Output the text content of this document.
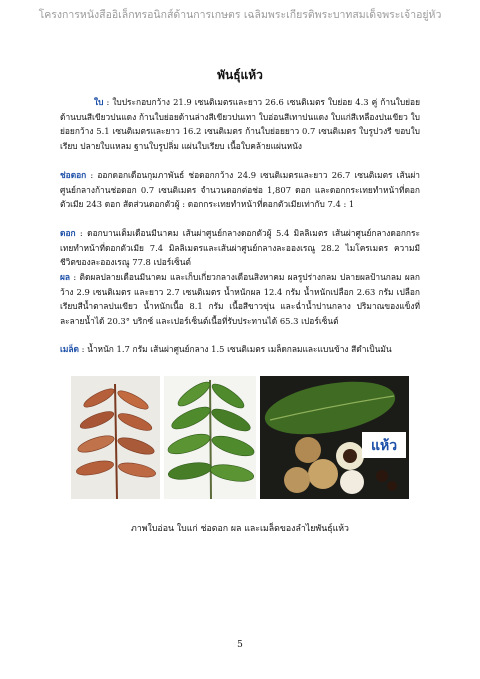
โครงการหนังสืออิเล็กทรอนิกส์ด้านการเกษตร เฉลิมพระเกียรติพระบาทสมเด็จพระเจ้าอยู่หัว
พันธุ์แห้ว

ใบ : ใบประกอบกว้าง 21.9 เซนติเมตรและยาว 26.6 เซนติเมตร ใบย่อย 4.3 คู่ ก้านใบย่อยด้านบนสีเขียวปนแดง ก้านใบย่อยด้านล่างสีเขียวปนเทา ใบอ่อนสีเทาปนแดง ใบแก่สีเหลืองปนเขียว ใบย่อยกว้าง 5.1 เซนติเมตรและยาว 16.2 เซนติเมตร ก้านใบย่อยยาว 0.7 เซนติเมตร ใบรูปวงรี ขอบใบเรียบ ปลายใบแหลม ฐานใบรูปลิ่ม แผ่นใบเรียบ เนื้อใบคล้ายแผ่นหนัง

ช่อดอก : ออกดอกเดือนกุมภาพันธ์ ช่อดอกกว้าง 24.9 เซนติเมตรและยาว 26.7 เซนติเมตร เส้นผ่าศูนย์กลางก้านช่อดอก 0.7 เซนติเมตร จำนวนดอกต่อช่อ 1,807 ดอก และดอกกระเทยทำหน้าที่ดอกตัวเมีย 243 ดอก สัดส่วนดอกตัวผู้ : ดอกกระเทยทำหน้าที่ดอกตัวเมียเท่ากับ 7.4 : 1

ดอก : ดอกบานเต็มเดือนมีนาคม เส้นผ่าศูนย์กลางดอกตัวผู้ 5.4 มิลลิเมตร เส้นผ่าศูนย์กลางดอกกระเทยทำหน้าที่ดอกตัวเมีย 7.4 มิลลิเมตรและเส้นผ่าศูนย์กลางละอองเรณู 28.2 ไมโครเมตร ความมีชีวิตของละอองเรณู 77.8 เปอร์เซ็นต์

ผล : ติดผลปลายเดือนมีนาคม และเก็บเกี่ยวกลางเดือนสิงหาคม ผลรูปร่างกลม ปลายผลป้านกลม ผลกว้าง 2.9 เซนติเมตร และยาว 2.7 เซนติเมตร น้ำหนักผล 12.4 กรัม น้ำหนักเปลือก 2.63 กรัม เปลือกเรียบสีน้ำตาลปนเขียว น้ำหนักเนื้อ 8.1 กรัม เนื้อสีขาวขุ่น และฉ่ำน้ำปานกลาง ปริมาณของแข็งที่ละลายน้ำได้ 20.3° บริกซ์ และเปอร์เซ็นต์เนื้อที่รับประทานได้ 65.3 เปอร์เซ็นต์

เมล็ด : น้ำหนัก 1.7 กรัม เส้นผ่าศูนย์กลาง 1.5 เซนติเมตร เมล็ดกลมและแบนข้าง สีดำเป็นมัน

แห้ว
ภาพใบอ่อน ใบแก่ ช่อดอก ผล และเมล็ดของลำไยพันธุ์แห้ว
5
